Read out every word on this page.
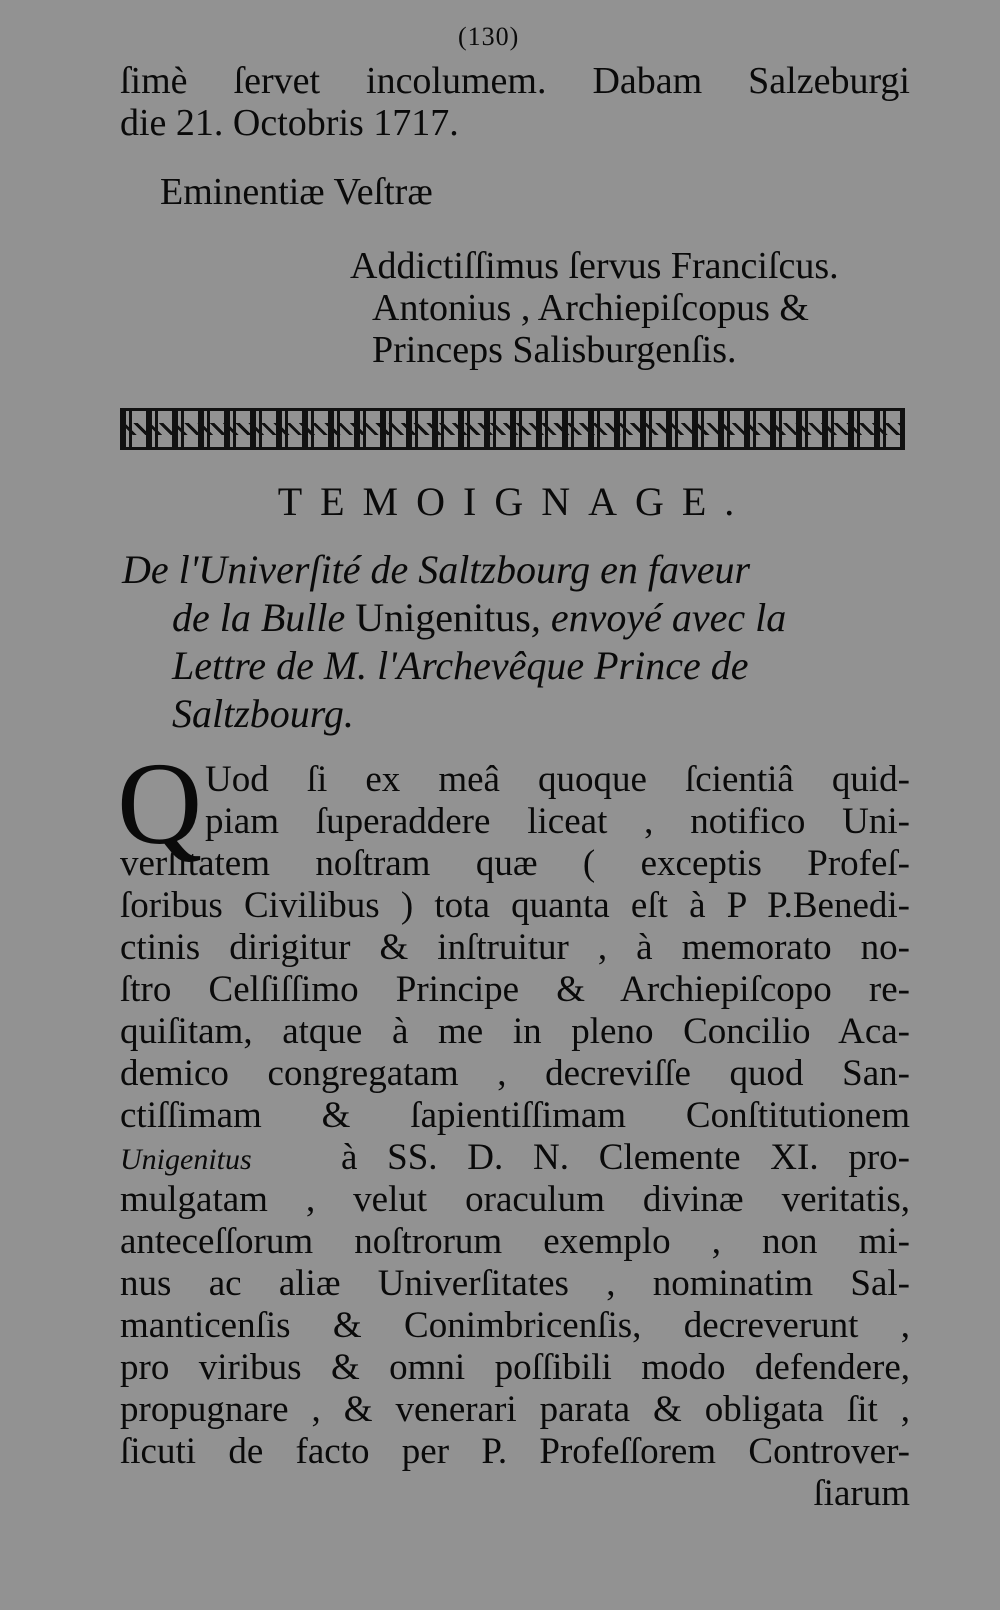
(130)
ſimè ſervet incolumem. Dabam Salzeburgi
die 21. Octobris 1717.
Eminentiæ Veſtræ
Addictiſſimus ſervus Franciſcus.
Antonius , Archiepiſcopus &
Princeps Salisburgenſis.
TEMOIGNAGE.
De l'Univerſité de Saltzbourg en faveur
de la Bulle Unigenitus, envoyé avec la
Lettre de M. l'Archevêque Prince de
Saltzbourg.
Q Uod ſi ex meâ quoque ſcientiâ quid-
piam ſuperaddere liceat , notifico Uni-
verſitatem noſtram quæ ( exceptis Profeſ-
ſoribus Civilibus ) tota quanta eſt à P P.Benedi-
ctinis dirigitur & inſtruitur , à memorato no-
ſtro Celſiſſimo Principe & Archiepiſcopo re-
quiſitam, atque à me in pleno Concilio Aca-
demico congregatam , decreviſſe quod San-
ctiſſimam & ſapientiſſimam Conſtitutionem
Unigenitus à SS. D. N. Clemente XI. pro-
mulgatam , velut oraculum divinæ veritatis,
anteceſſorum noſtrorum exemplo , non mi-
nus ac aliæ Univerſitates , nominatim Sal-
manticenſis & Conimbricenſis, decreverunt ,
pro viribus & omni poſſibili modo defendere,
propugnare , & venerari parata & obligata ſit ,
ſicuti de facto per P. Profeſſorem Controver-
ſiarum
